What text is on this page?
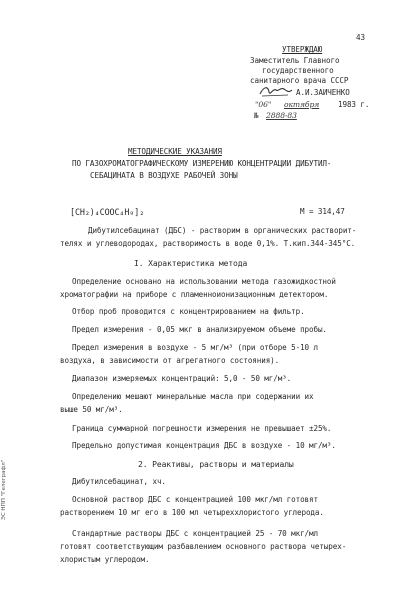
43
УТВЕРЖДАЮ
Заместитель Главного
государственного
санитарного врача СССР
А.И.ЗАИЧЕНКО
"06" октября 1983 г.
№ 2888-83
МЕТОДИЧЕСКИЕ УКАЗАНИЯ
ПО ГАЗОХРОМАТОГРАФИЧЕСКОМУ ИЗМЕРЕНИЮ КОНЦЕНТРАЦИИ ДИБУТИЛ-
СЕБАЦИНАТА В ВОЗДУХЕ РАБОЧЕЙ ЗОНЫ
[CH₂)₄COOC₄H₉]₂	M = 314,47
Дибутилсебацинат (ДБС) - растворим в органических растворит-
телях и углеводородах, растворимость в воде 0,1%. Т.кип.344-345°С.
I. Характеристика метода
Определение основано на использовании метода газожидкостной
хроматографии на приборе с пламенноионизационным детектором.
Отбор проб проводится с концентрированием на фильтр.
Предел измерения - 0,05 мкг в анализируемом объеме пробы.
Предел измерения в воздухе - 5 мг/м³ (при отборе 5-10 л
воздуха, в зависимости от агрегатного состояния).
Диапазон измеряемых концентраций: 5,0 - 50 мг/м³.
Определению мешают минеральные масла при содержании их
выше 50 мг/м³.
Граница суммарной погрешности измерения не превышает ±25%.
Предельно допустимая концентрация ДБС в воздухе - 10 мг/м³.
2. Реактивы, растворы и материалы
Дибутилсебацинат, хч.
Основной раствор ДБС с концентрацией 100 мкг/мл готовят
растворением 10 мг его в 100 мл четыреххлористого углерода.
Стандартные растворы ДБС с концентрацией 25 - 70 мкг/мл
готовят соответствующим разбавлением основного раствора четырех-
хлористым углеродом.
ЭС НПП "Гелеграфл"
